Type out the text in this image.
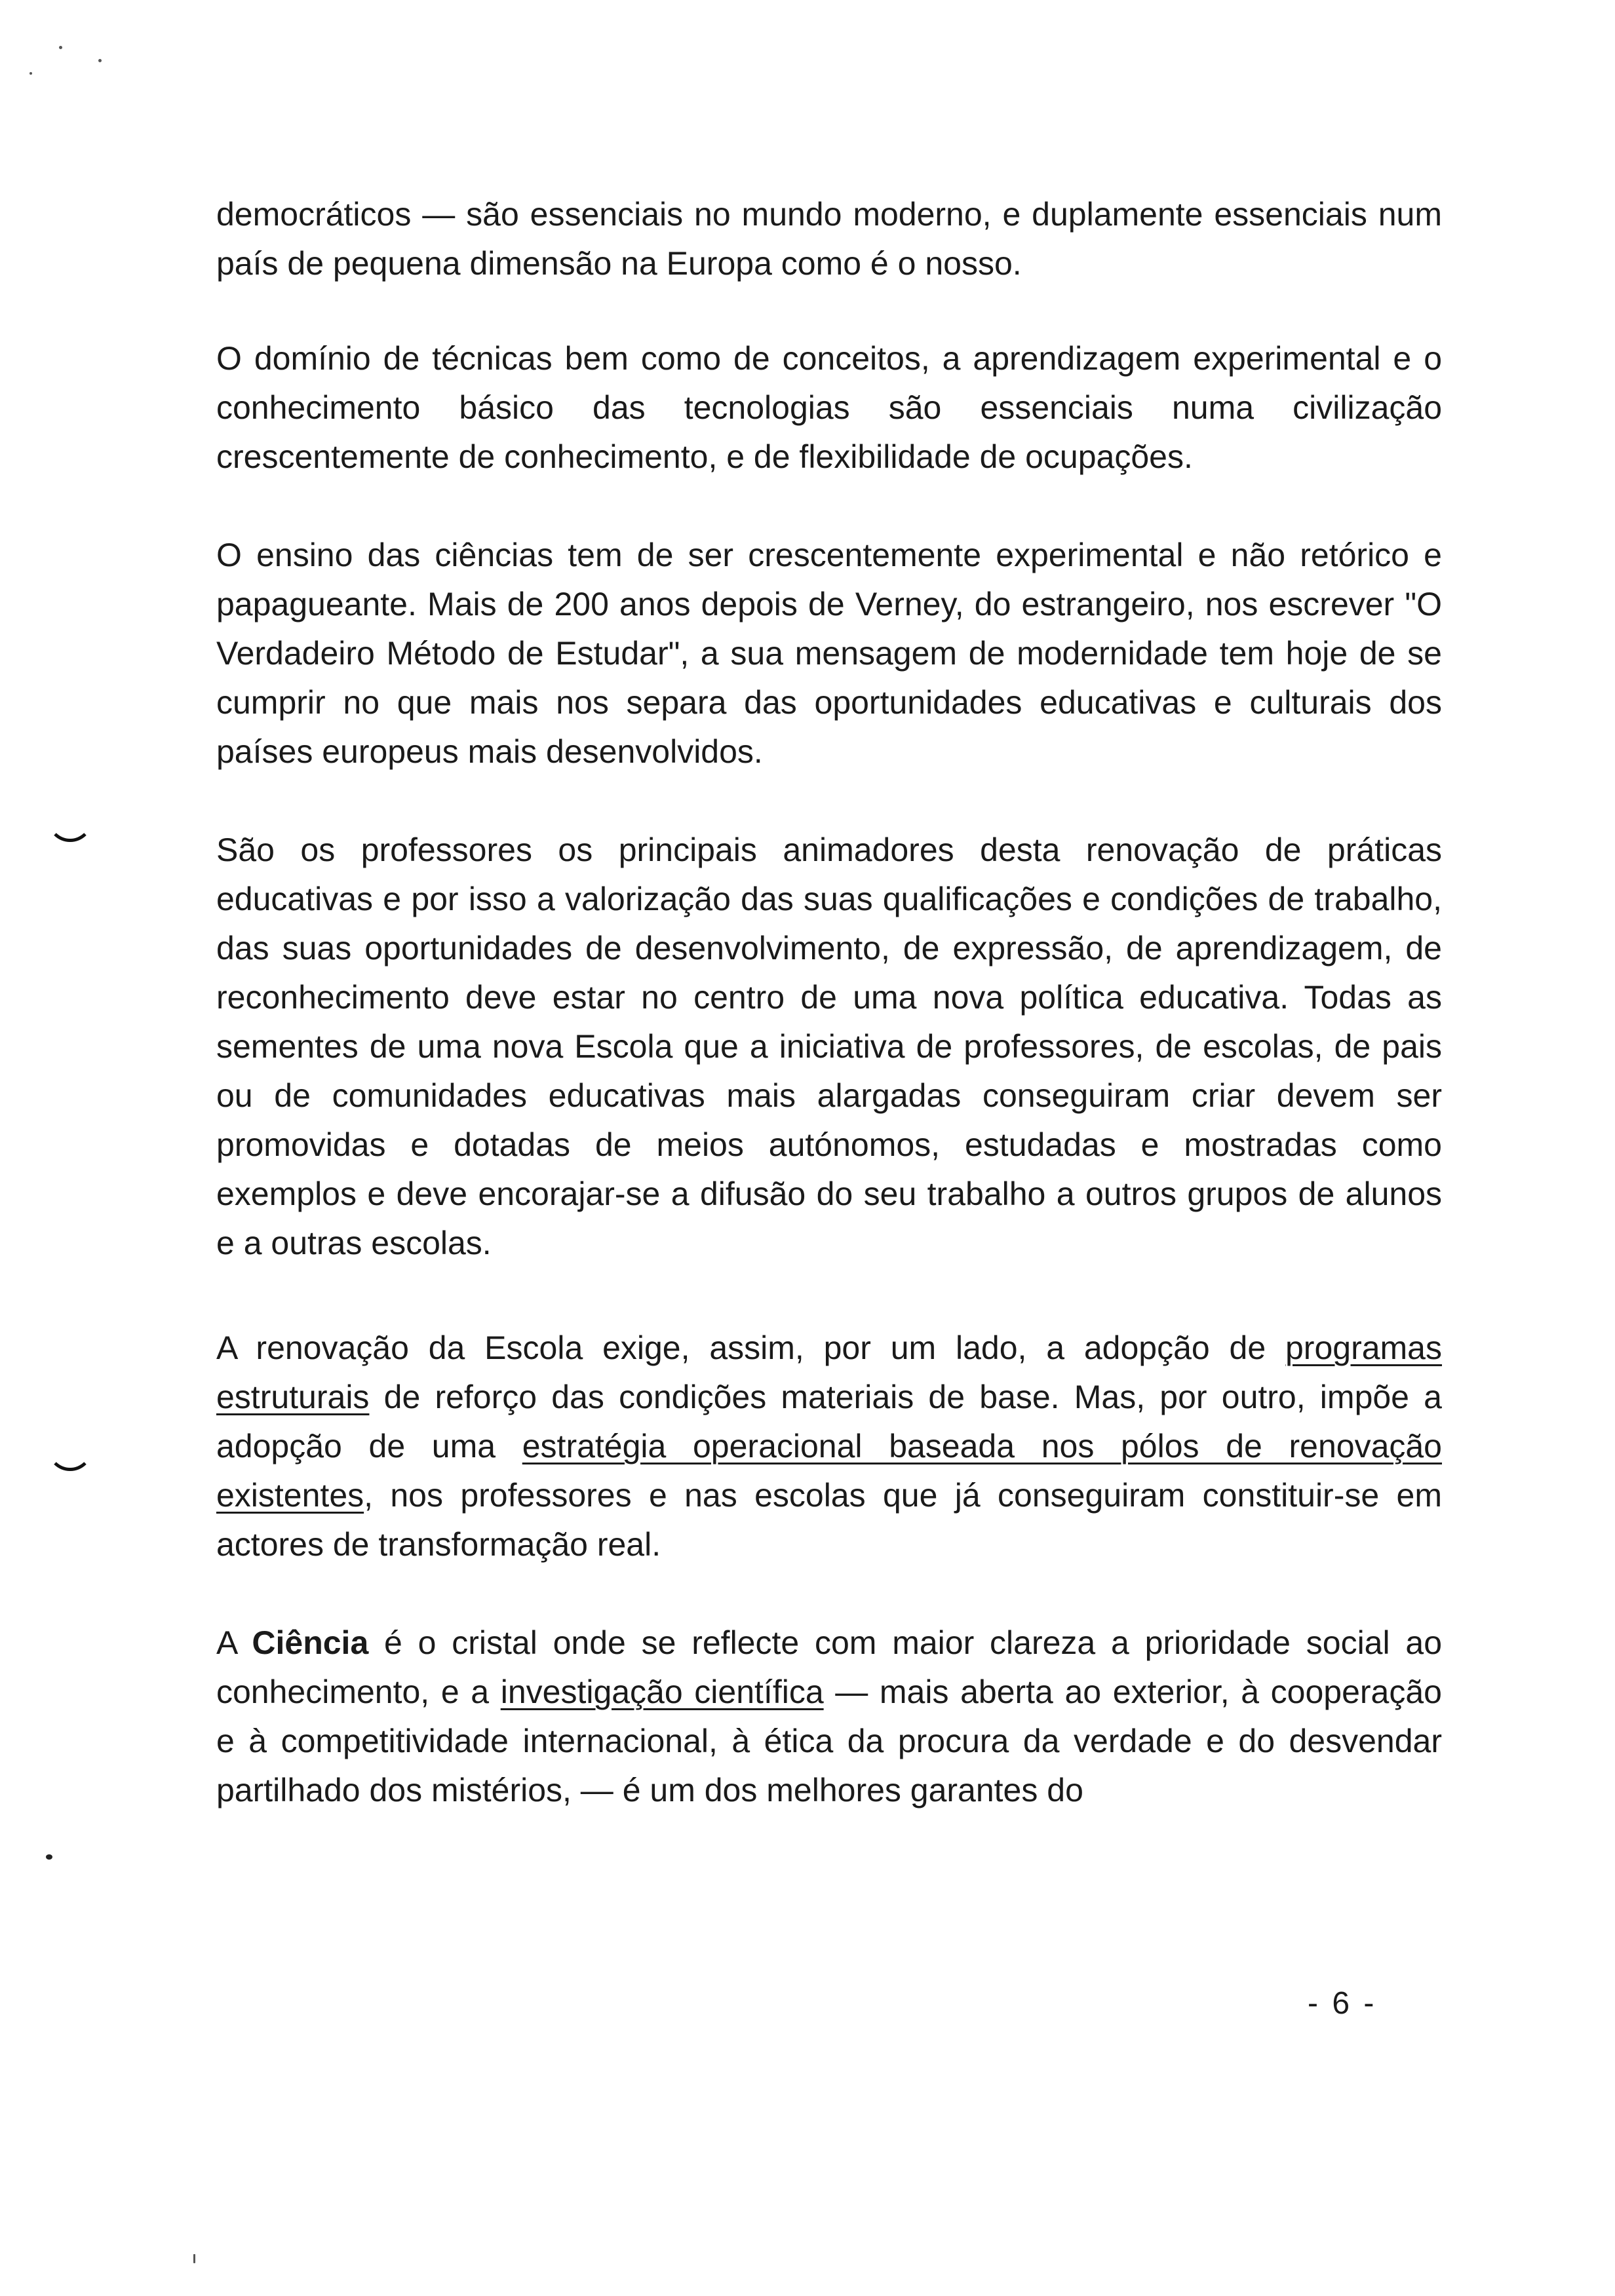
democráticos — são essenciais no mundo moderno, e duplamente essenciais num país de pequena dimensão na Europa como é o nosso.

O domínio de técnicas bem como de conceitos, a aprendizagem experimental e o conhecimento básico das tecnologias são essenciais numa civilização crescentemente de conhecimento, e de flexibilidade de ocupações.

O ensino das ciências tem de ser crescentemente experimental e não retórico e papagueante. Mais de 200 anos depois de Verney, do estrangeiro, nos escrever "O Verdadeiro Método de Estudar", a sua mensagem de modernidade tem hoje de se cumprir no que mais nos separa das oportunidades educativas e culturais dos países europeus mais desenvolvidos.

São os professores os principais animadores desta renovação de práticas educativas e por isso a valorização das suas qualificações e condições de trabalho, das suas oportunidades de desenvolvimento, de expressão, de aprendizagem, de reconhecimento deve estar no centro de uma nova política educativa. Todas as sementes de uma nova Escola que a iniciativa de professores, de escolas, de pais ou de comunidades educativas mais alargadas conseguiram criar devem ser promovidas e dotadas de meios autónomos, estudadas e mostradas como exemplos e deve encorajar-se a difusão do seu trabalho a outros grupos de alunos e a outras escolas.

A renovação da Escola exige, assim, por um lado, a adopção de programas estruturais de reforço das condições materiais de base. Mas, por outro, impõe a adopção de uma estratégia operacional baseada nos pólos de renovação existentes, nos professores e nas escolas que já conseguiram constituir-se em actores de transformação real.

A Ciência é o cristal onde se reflecte com maior clareza a prioridade social ao conhecimento, e a investigação científica — mais aberta ao exterior, à cooperação e à competitividade internacional, à ética da procura da verdade e do desvendar partilhado dos mistérios, — é um dos melhores garantes do

- 6 -
